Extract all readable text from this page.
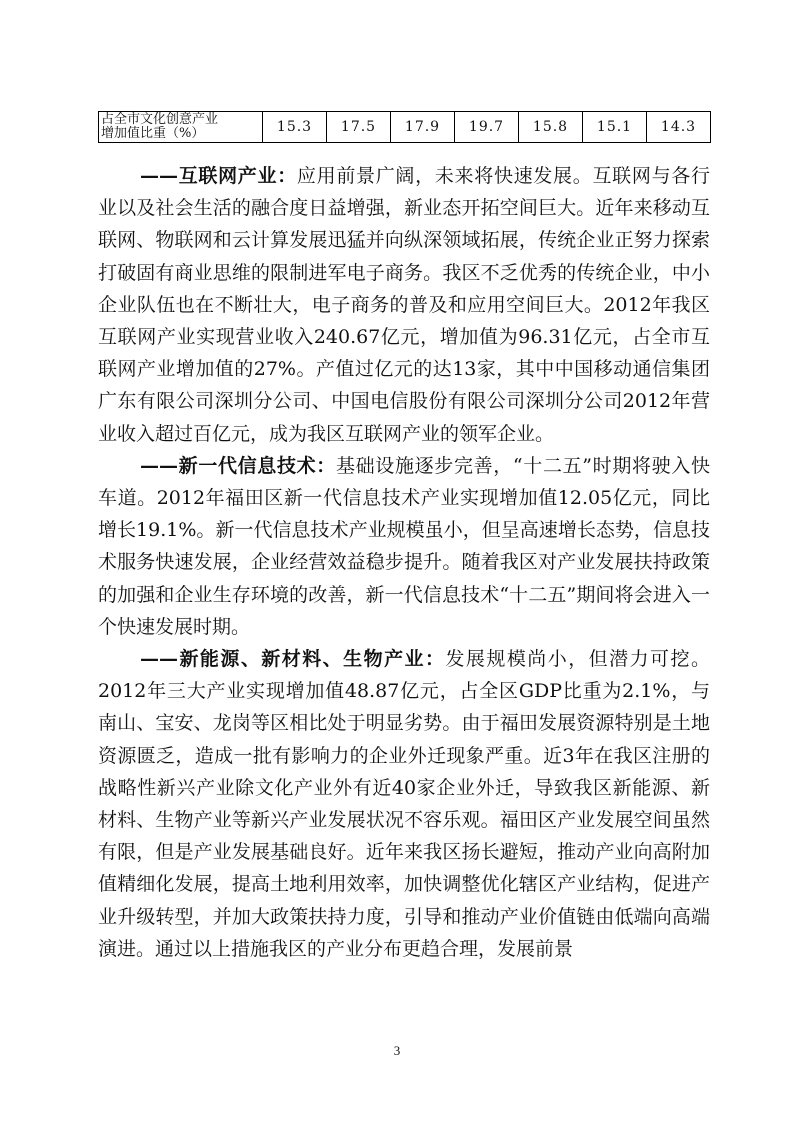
占全市文化创意产业
增加值比重（%）	15.3	17.5	17.9	19.7	15.8	15.1	14.3

——互联网产业：应用前景广阔，未来将快速发展。互联网与各行业以及社会生活的融合度日益增强，新业态开拓空间巨大。近年来移动互联网、物联网和云计算发展迅猛并向纵深领域拓展，传统企业正努力探索打破固有商业思维的限制进军电子商务。我区不乏优秀的传统企业，中小企业队伍也在不断壮大，电子商务的普及和应用空间巨大。2012年我区互联网产业实现营业收入240.67亿元，增加值为96.31亿元，占全市互联网产业增加值的27%。产值过亿元的达13家，其中中国移动通信集团广东有限公司深圳分公司、中国电信股份有限公司深圳分公司2012年营业收入超过百亿元，成为我区互联网产业的领军企业。

——新一代信息技术：基础设施逐步完善，“十二五”时期将驶入快车道。2012年福田区新一代信息技术产业实现增加值12.05亿元，同比增长19.1%。新一代信息技术产业规模虽小，但呈高速增长态势，信息技术服务快速发展，企业经营效益稳步提升。随着我区对产业发展扶持政策的加强和企业生存环境的改善，新一代信息技术“十二五”期间将会进入一个快速发展时期。

——新能源、新材料、生物产业：发展规模尚小，但潜力可挖。2012年三大产业实现增加值48.87亿元，占全区GDP比重为2.1%，与南山、宝安、龙岗等区相比处于明显劣势。由于福田发展资源特别是土地资源匮乏，造成一批有影响力的企业外迁现象严重。近3年在我区注册的战略性新兴产业除文化产业外有近40家企业外迁，导致我区新能源、新材料、生物产业等新兴产业发展状况不容乐观。福田区产业发展空间虽然有限，但是产业发展基础良好。近年来我区扬长避短，推动产业向高附加值精细化发展，提高土地利用效率，加快调整优化辖区产业结构，促进产业升级转型，并加大政策扶持力度，引导和推动产业价值链由低端向高端演进。通过以上措施我区的产业分布更趋合理，发展前景

3
